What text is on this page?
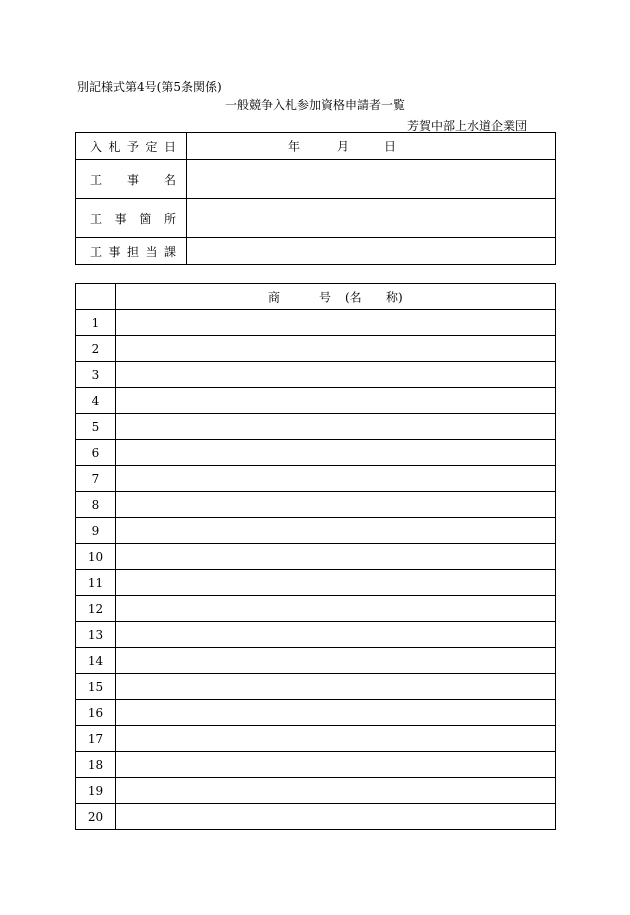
別記様式第4号(第5条関係)
一般競争入札参加資格申請者一覧
芳賀中部上水道企業団
入 札 予 定 日	年 月 日

工 事 名	

工 事 箇 所	

工 事 担 当 課	

	商 号 (名 称)

1	
2	
3	
4	
5	
6	
7	
8	
9	
10	
11	
12	
13	
14	
15	
16	
17	
18	
19	
20	
